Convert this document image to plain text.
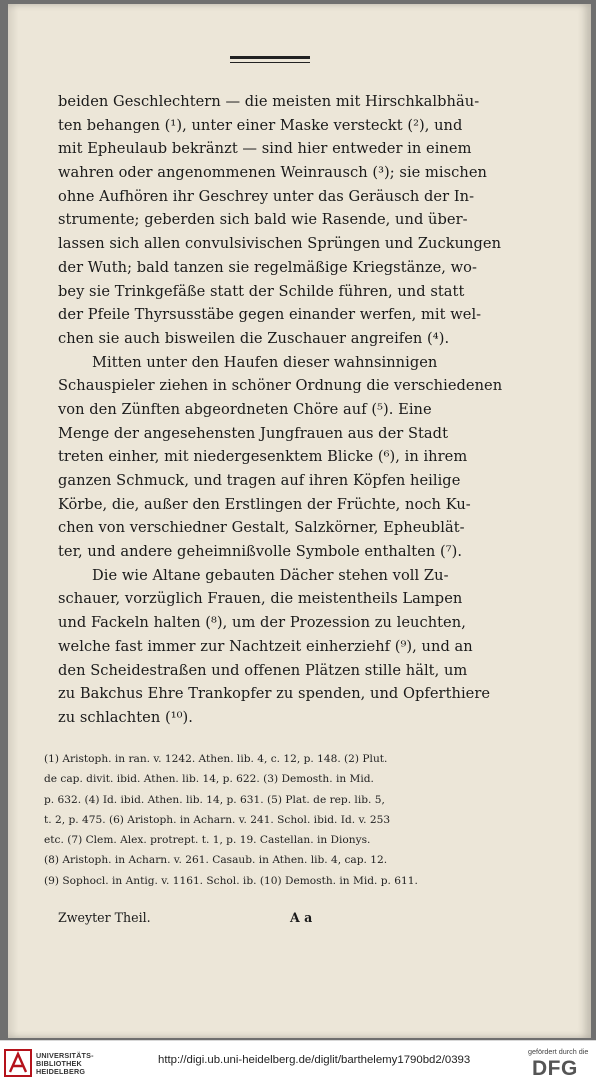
beiden Geschlechtern — die meisten mit Hirschkalbhäu-
ten behangen (¹), unter einer Maske versteckt (²), und
mit Epheulaub bekränzt — sind hier entweder in einem
wahren oder angenommenen Weinrausch (³); sie mischen
ohne Aufhören ihr Geschrey unter das Geräusch der In-
strumente; geberden sich bald wie Rasende, und über-
lassen sich allen convulsivischen Sprüngen und Zuckungen
der Wuth; bald tanzen sie regelmäßige Kriegstänze, wo-
bey sie Trinkgefäße statt der Schilde führen, und statt
der Pfeile Thyrsusstäbe gegen einander werfen, mit wel-
chen sie auch bisweilen die Zuschauer angreifen (⁴).
Mitten unter den Haufen dieser wahnsinnigen
Schauspieler ziehen in schöner Ordnung die verschiedenen
von den Zünften abgeordneten Chöre auf (⁵). Eine
Menge der angesehensten Jungfrauen aus der Stadt
treten einher, mit niedergesenktem Blicke (⁶), in ihrem
ganzen Schmuck, und tragen auf ihren Köpfen heilige
Körbe, die, außer den Erstlingen der Früchte, noch Ku-
chen von verschiedner Gestalt, Salzkörner, Epheublät-
ter, und andere geheimnißvolle Symbole enthalten (⁷).
Die wie Altane gebauten Dächer stehen voll Zu-
schauer, vorzüglich Frauen, die meistentheils Lampen
und Fackeln halten (⁸), um der Prozession zu leuchten,
welche fast immer zur Nachtzeit einherziehf (⁹), und an
den Scheidestraßen und offenen Plätzen stille hält, um
zu Bakchus Ehre Trankopfer zu spenden, und Opferthiere
zu schlachten (¹⁰).
(1) Aristoph. in ran. v. 1242. Athen. lib. 4, c. 12, p. 148. (2) Plut.
de cap. divit. ibid. Athen. lib. 14, p. 622. (3) Demosth. in Mid.
p. 632. (4) Id. ibid. Athen. lib. 14, p. 631. (5) Plat. de rep. lib. 5,
t. 2, p. 475. (6) Aristoph. in Acharn. v. 241. Schol. ibid. Id. v. 253
etc. (7) Clem. Alex. protrept. t. 1, p. 19. Castellan. in Dionys.
(8) Aristoph. in Acharn. v. 261. Casaub. in Athen. lib. 4, cap. 12.
(9) Sophocl. in Antig. v. 1161. Schol. ib. (10) Demosth. in Mid. p. 611.
Zweyter Theil.	A a
UNIVERSITÄTS-
BIBLIOTHEK
HEIDELBERG
http://digi.ub.uni-heidelberg.de/diglit/barthelemy1790bd2/0393
gefördert durch die
DFG
